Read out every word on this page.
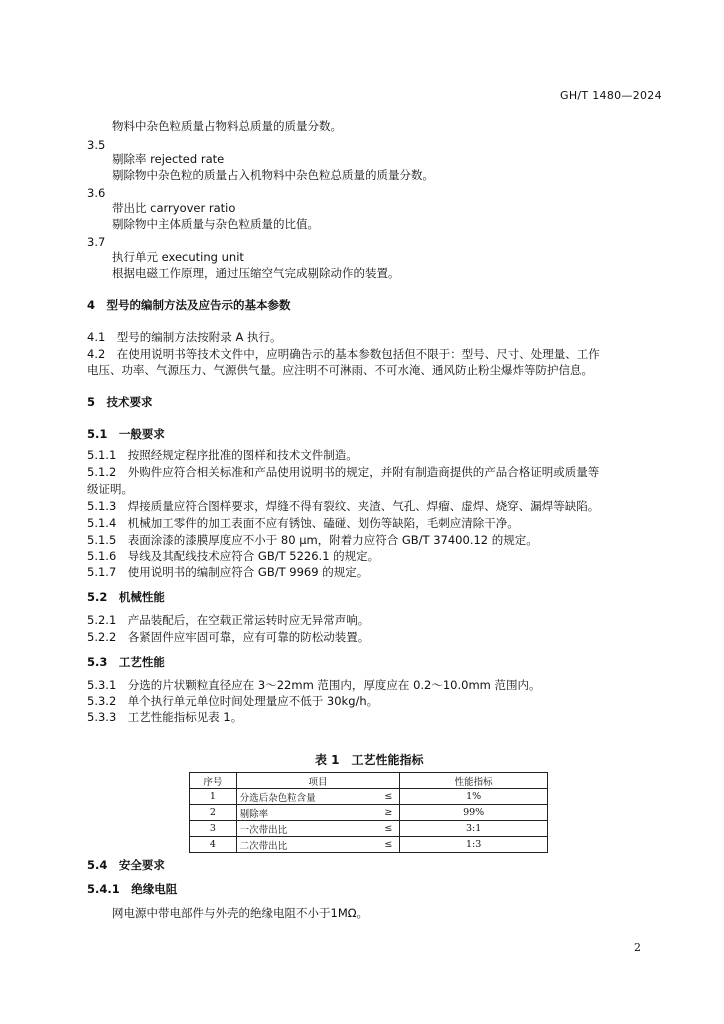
GH/T 1480—2024
物料中杂色粒质量占物料总质量的质量分数。
3.5
剔除率 rejected rate
剔除物中杂色粒的质量占入机物料中杂色粒总质量的质量分数。
3.6
带出比 carryover ratio
剔除物中主体质量与杂色粒质量的比值。
3.7
执行单元 executing unit
根据电磁工作原理，通过压缩空气完成剔除动作的装置。
4　型号的编制方法及应告示的基本参数
4.1　型号的编制方法按附录 A 执行。
4.2　在使用说明书等技术文件中，应明确告示的基本参数包括但不限于：型号、尺寸、处理量、工作
电压、功率、气源压力、气源供气量。应注明不可淋雨、不可水淹、通风防止粉尘爆炸等防护信息。
5　技术要求
5.1　一般要求
5.1.1　按照经规定程序批准的图样和技术文件制造。
5.1.2　外购件应符合相关标准和产品使用说明书的规定，并附有制造商提供的产品合格证明或质量等
级证明。
5.1.3　焊接质量应符合图样要求，焊缝不得有裂纹、夹渣、气孔、焊瘤、虚焊、烧穿、漏焊等缺陷。
5.1.4　机械加工零件的加工表面不应有锈蚀、磕碰、划伤等缺陷，毛刺应清除干净。
5.1.5　表面涂漆的漆膜厚度应不小于 80 μm，附着力应符合 GB/T 37400.12 的规定。
5.1.6　导线及其配线技术应符合 GB/T 5226.1 的规定。
5.1.7　使用说明书的编制应符合 GB/T 9969 的规定。
5.2　机械性能
5.2.1　产品装配后，在空载正常运转时应无异常声响。
5.2.2　各紧固件应牢固可靠，应有可靠的防松动装置。
5.3　工艺性能
5.3.1　分选的片状颗粒直径应在 3～22mm 范围内，厚度应在 0.2～10.0mm 范围内。
5.3.2　单个执行单元单位时间处理量应不低于 30kg/h。
5.3.3　工艺性能指标见表 1。
表 1　工艺性能指标
序号	项目		性能指标
1	分选后杂色粒含量	≤	1%
2	剔除率	≥	99%
3	一次带出比	≤	3:1
4	二次带出比	≤	1:3
5.4　安全要求
5.4.1　绝缘电阻
网电源中带电部件与外壳的绝缘电阻不小于1MΩ。
2
